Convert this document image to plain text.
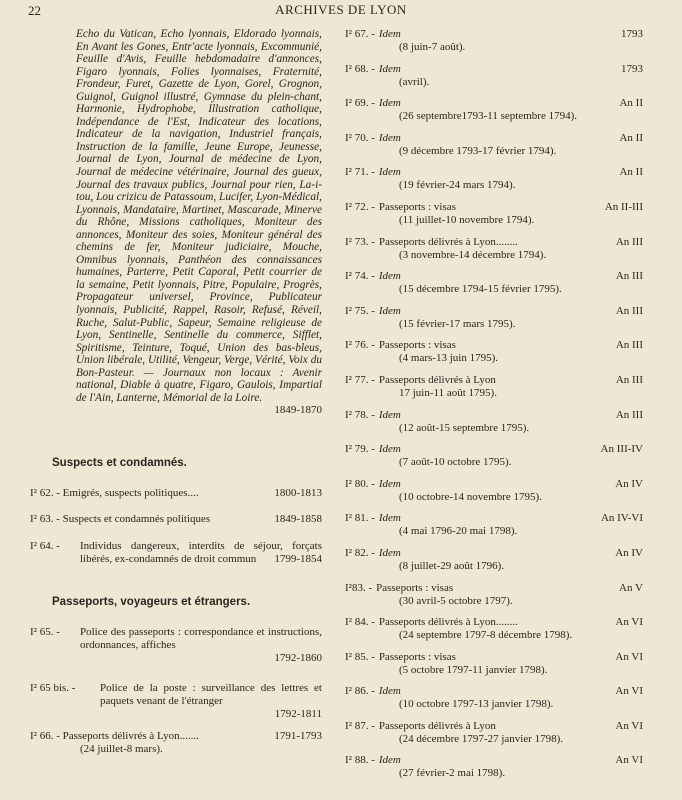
22	ARCHIVES DE LYON
Echo du Vatican, Echo lyonnais, Eldorado lyonnais, En Avant les Gones, Entr'acte lyonnais, Excommunié, Feuille d'Avis, Feuille hebdomadaire d'annonces, Figaro lyonnais, Folies lyonnaises, Fraternité, Frondeur, Furet, Gazette de Lyon, Gorel, Grognon, Guignol, Guignol illustré, Gymnase du plein-chant, Harmonie, Hydrophobe, Illustration catholique, Indépendance de l'Est, Indicateur des locations, Indicateur de la navigation, Industriel français, Instruction de la famille, Jeune Europe, Jeunesse, Journal de Lyon, Journal de médecine de Lyon, Journal de médecine vétérinaire, Journal des gueux, Journal des travaux publics, Journal pour rien, La-i-tou, Lou crizicu de Patassoum, Lucifer, Lyon-Médical, Lyonnais, Mandataire, Martinet, Mascarade, Minerve du Rhône, Missions catholiques, Moniteur des annonces, Moniteur des soies, Moniteur général des chemins de fer, Moniteur judiciaire, Mouche, Omnibus lyonnais, Panthéon des connaissances humaines, Parterre, Petit Caporal, Petit courrier de la semaine, Petit lyonnais, Pitre, Populaire, Progrès, Propagateur universel, Province, Publicateur lyonnais, Publicité, Rappel, Rasoir, Refusé, Réveil, Ruche, Salut-Public, Sapeur, Semaine religieuse de Lyon, Sentinelle, Sentinelle du commerce, Sifflet, Spiritisme, Teinture, Toqué, Union des bas-bleus, Union libérale, Utilité, Vengeur, Verge, Vérité, Voix du Bon-Pasteur. — Journaux non locaux : Avenir national, Diable à quatre, Figaro, Gaulois, Impartial de l'Ain, Lanterne, Mémorial de la Loire.
1849-1870
Suspects et condamnés.
I² 62. - Emigrés, suspects politiques....	1800-1813
I² 63. - Suspects et condamnés politiques	1849-1858
I² 64. - Individus dangereux, interdits de séjour, forçats libérés, ex-condamnés de droit commun	1799-1854
Passeports, voyageurs et étrangers.
I² 65. - Police des passeports : correspondance et instructions, ordonnances, affiches
1792-1860
I² 65 bis. - Police de la poste : surveillance des lettres et paquets venant de l'étranger
1792-1811
I² 66. - Passeports délivrés à Lyon.......	1791-1793
(24 juillet-8 mars).
I² 67. - Idem	1793
(8 juin-7 août).
I² 68. - Idem	1793
(avril).
I² 69. - Idem	An II
(26 septembre1793-11 septembre 1794).
I² 70. - Idem	An II
(9 décembre 1793-17 février 1794).
I² 71. - Idem	An II
(19 février-24 mars 1794).
I² 72. - Passeports : visas	An II-III
(11 juillet-10 novembre 1794).
I² 73. - Passeports délivrés à Lyon........	An III
(3 novembre-14 décembre 1794).
I² 74. - Idem	An III
(15 décembre 1794-15 février 1795).
I² 75. - Idem	An III
(15 février-17 mars 1795).
I² 76. - Passeports : visas	An III
(4 mars-13 juin 1795).
I² 77. - Passeports délivrés à Lyon	An III
17 juin-11 août 1795).
I² 78. - Idem	An III
(12 août-15 septembre 1795).
I² 79. - Idem	An III-IV
(7 août-10 octobre 1795).
I² 80. - Idem	An IV
(10 octobre-14 novembre 1795).
I² 81. - Idem	An IV-VI
(4 mai 1796-20 mai 1798).
I² 82. - Idem	An IV
(8 juillet-29 août 1796).
I²83. - Passeports : visas	An V
(30 avril-5 octobre 1797).
I² 84. - Passeports délivrés à Lyon........	An VI
(24 septembre 1797-8 décembre 1798).
I² 85. - Passeports : visas	An VI
(5 octobre 1797-11 janvier 1798).
I² 86. - Idem	An VI
(10 octobre 1797-13 janvier 1798).
I² 87. - Passeports délivrés à Lyon	An VI
(24 décembre 1797-27 janvier 1798).
I² 88. - Idem	An VI
(27 février-2 mai 1798).
